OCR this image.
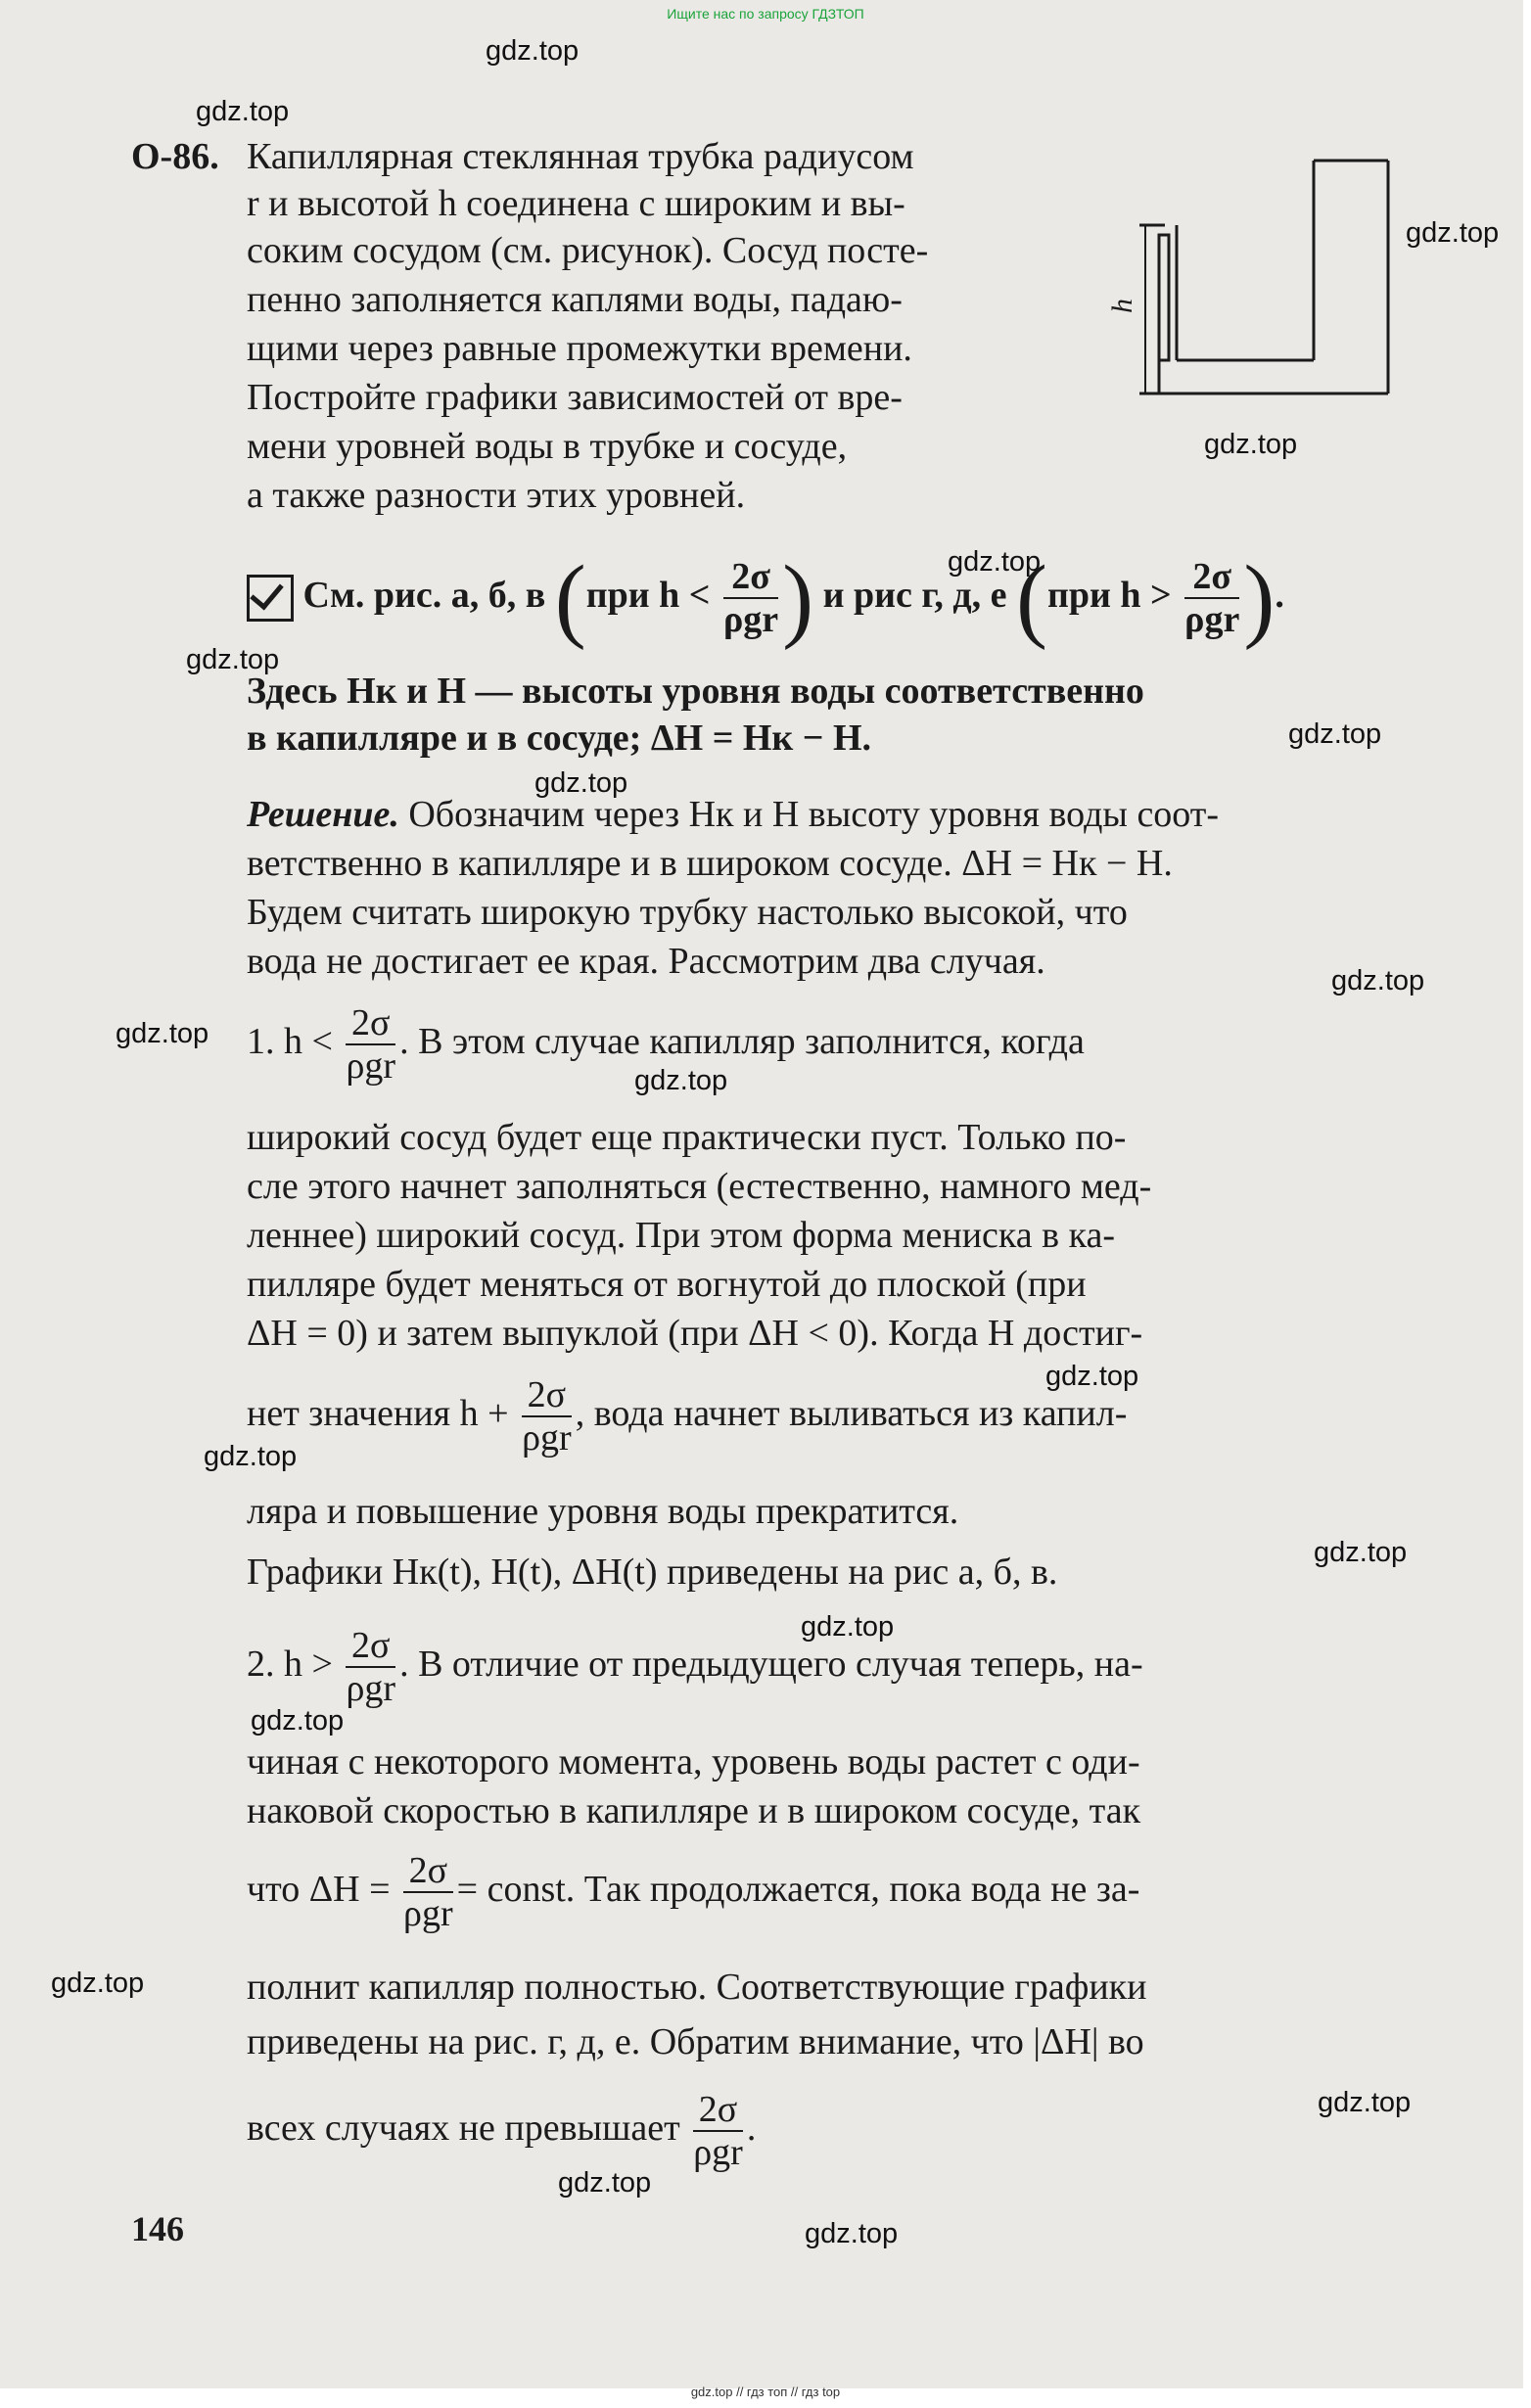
Ищите нас по запросу ГДЗТОП
gdz.top
gdz.top
gdz.top
gdz.top
gdz.top
gdz.top
gdz.top
gdz.top
gdz.top
gdz.top
gdz.top
gdz.top
gdz.top
gdz.top
gdz.top
gdz.top
gdz.top
gdz.top
gdz.top
gdz.top
О-86. Капиллярная стеклянная трубка радиусом
r и высотой h соединена с широким и вы-
соким сосудом (см. рисунок). Сосуд посте-
пенно заполняется каплями воды, падаю-
щими через равные промежутки времени.
Постройте графики зависимостей от вре-
мени уровней воды в трубке и сосуде,
а также разности этих уровней.
h
См. рис. а, б, в (при $h < \frac{2\sigma}{\text{ρgr}}$ ) и рис г, д, е (при $h > \frac{2\sigma}{\text{ρgr}}$ ).
Здесь Hк и H — высоты уровня воды соответственно
в капилляре и в сосуде; ΔH = Hк − H.
Решение. Обозначим через Hк и H высоту уровня воды соот-
ветственно в капилляре и в широком сосуде. ΔH = Hк − H.
Будем считать широкую трубку настолько высокой, что
вода не достигает ее края. Рассмотрим два случая.
1. $h < \frac{2\sigma}{\text{ρgr}}$ . В этом случае капилляр заполнится, когда
широкий сосуд будет еще практически пуст. Только по-
сле этого начнет заполняться (естественно, намного мед-
леннее) широкий сосуд. При этом форма мениска в ка-
пилляре будет меняться от вогнутой до плоской (при
ΔH = 0) и затем выпуклой (при ΔH < 0). Когда H достиг-
нет значения $h + \frac{2\sigma}{\text{ρgr}}$ , вода начнет выливаться из капил-
ляра и повышение уровня воды прекратится.
Графики Hк(t), H(t), ΔH(t) приведены на рис а, б, в.
2. $h > \frac{2\sigma}{\text{ρgr}}$ . В отличие от предыдущего случая теперь, на-
чиная с некоторого момента, уровень воды растет с оди-
наковой скоростью в капилляре и в широком сосуде, так
что $\Delta H = \frac{2\sigma}{\text{ρgr}}$ = const. Так продолжается, пока вода не за-
полнит капилляр полностью. Соответствующие графики
приведены на рис. г, д, е. Обратим внимание, что |ΔH| во
всех случаях не превышает $\frac{2\sigma}{\text{ρgr}}$ .
146
gdz.top // гдз топ // гдз top
